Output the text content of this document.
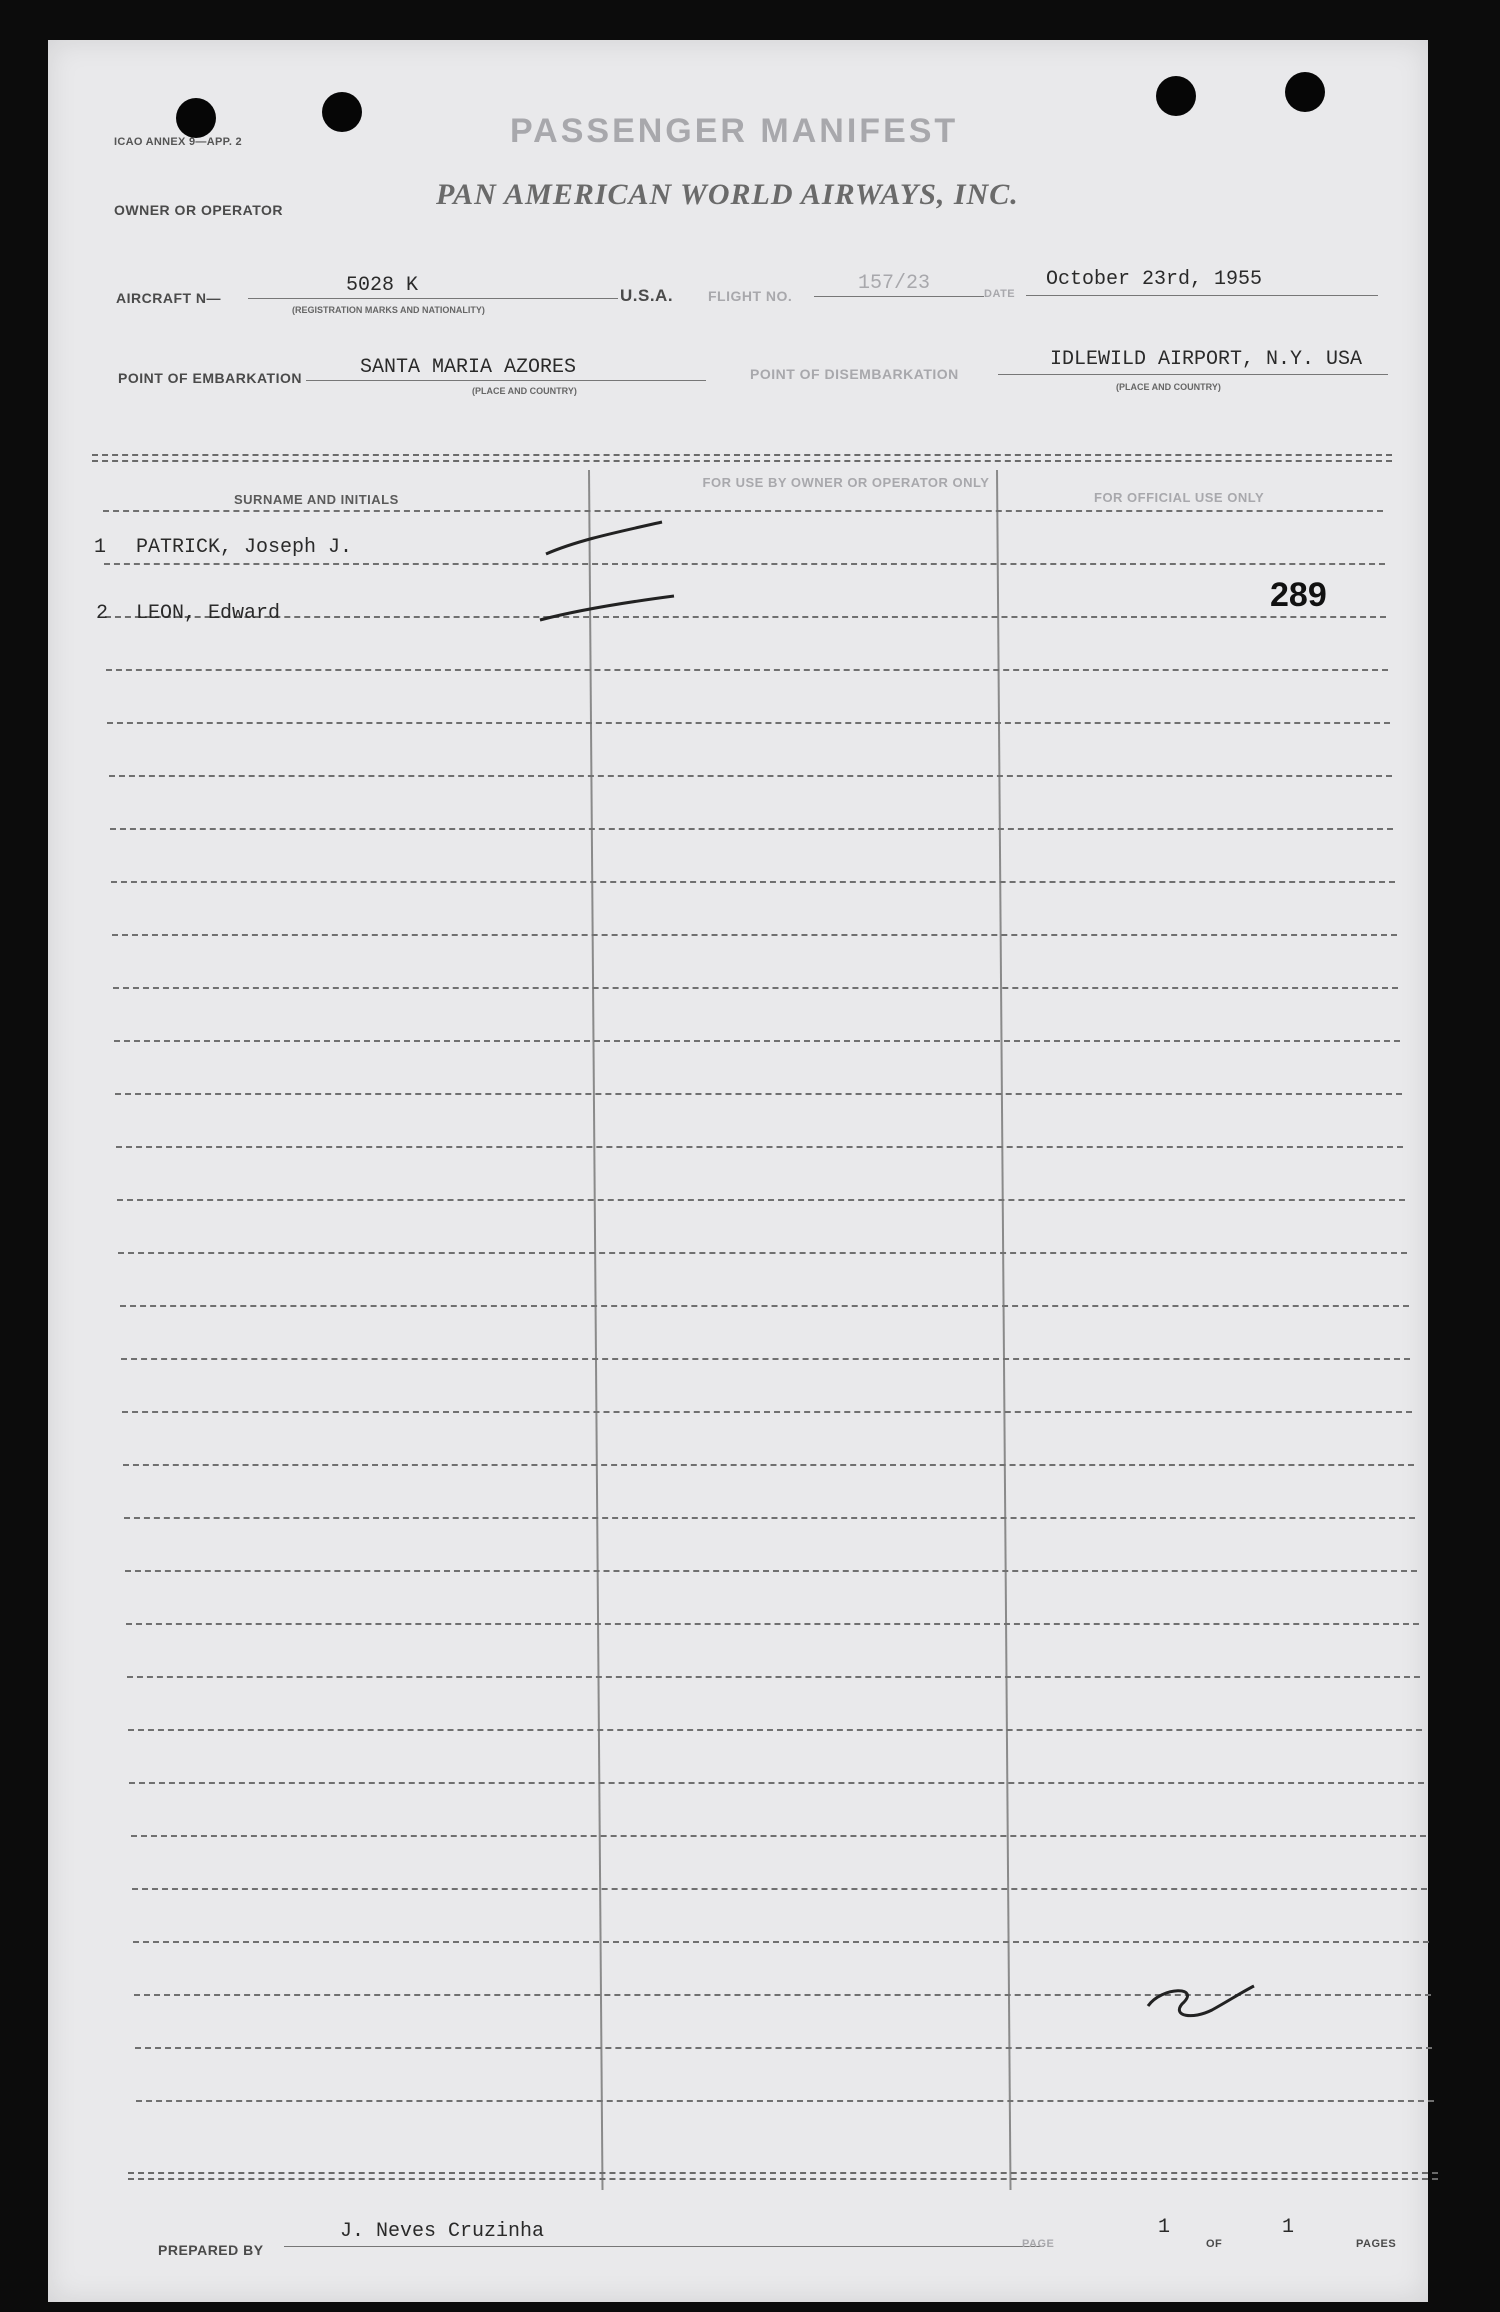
ICAO ANNEX 9—APP. 2	PASSENGER MANIFEST
OWNER OR OPERATOR	PAN AMERICAN WORLD AIRWAYS, INC.
AIRCRAFT N—
5028 K
(REGISTRATION MARKS AND NATIONALITY)
U.S.A. FLIGHT NO.
157/23	DATE
October 23rd, 1955
POINT OF EMBARKATION	SANTA MARIA AZORES
(PLACE AND COUNTRY)
POINT OF DISEMBARKATION
IDLEWILD AIRPORT, N.Y. USA
(PLACE AND COUNTRY)
SURNAME AND INITIALS
FOR USE BY OWNER OR OPERATOR ONLY
FOR OFFICIAL USE ONLY
1 PATRICK, Joseph J.
2 LEON, Edward	289
PREPARED BY
J. Neves Cruzinha
PAGE
1
OF
1
PAGES
